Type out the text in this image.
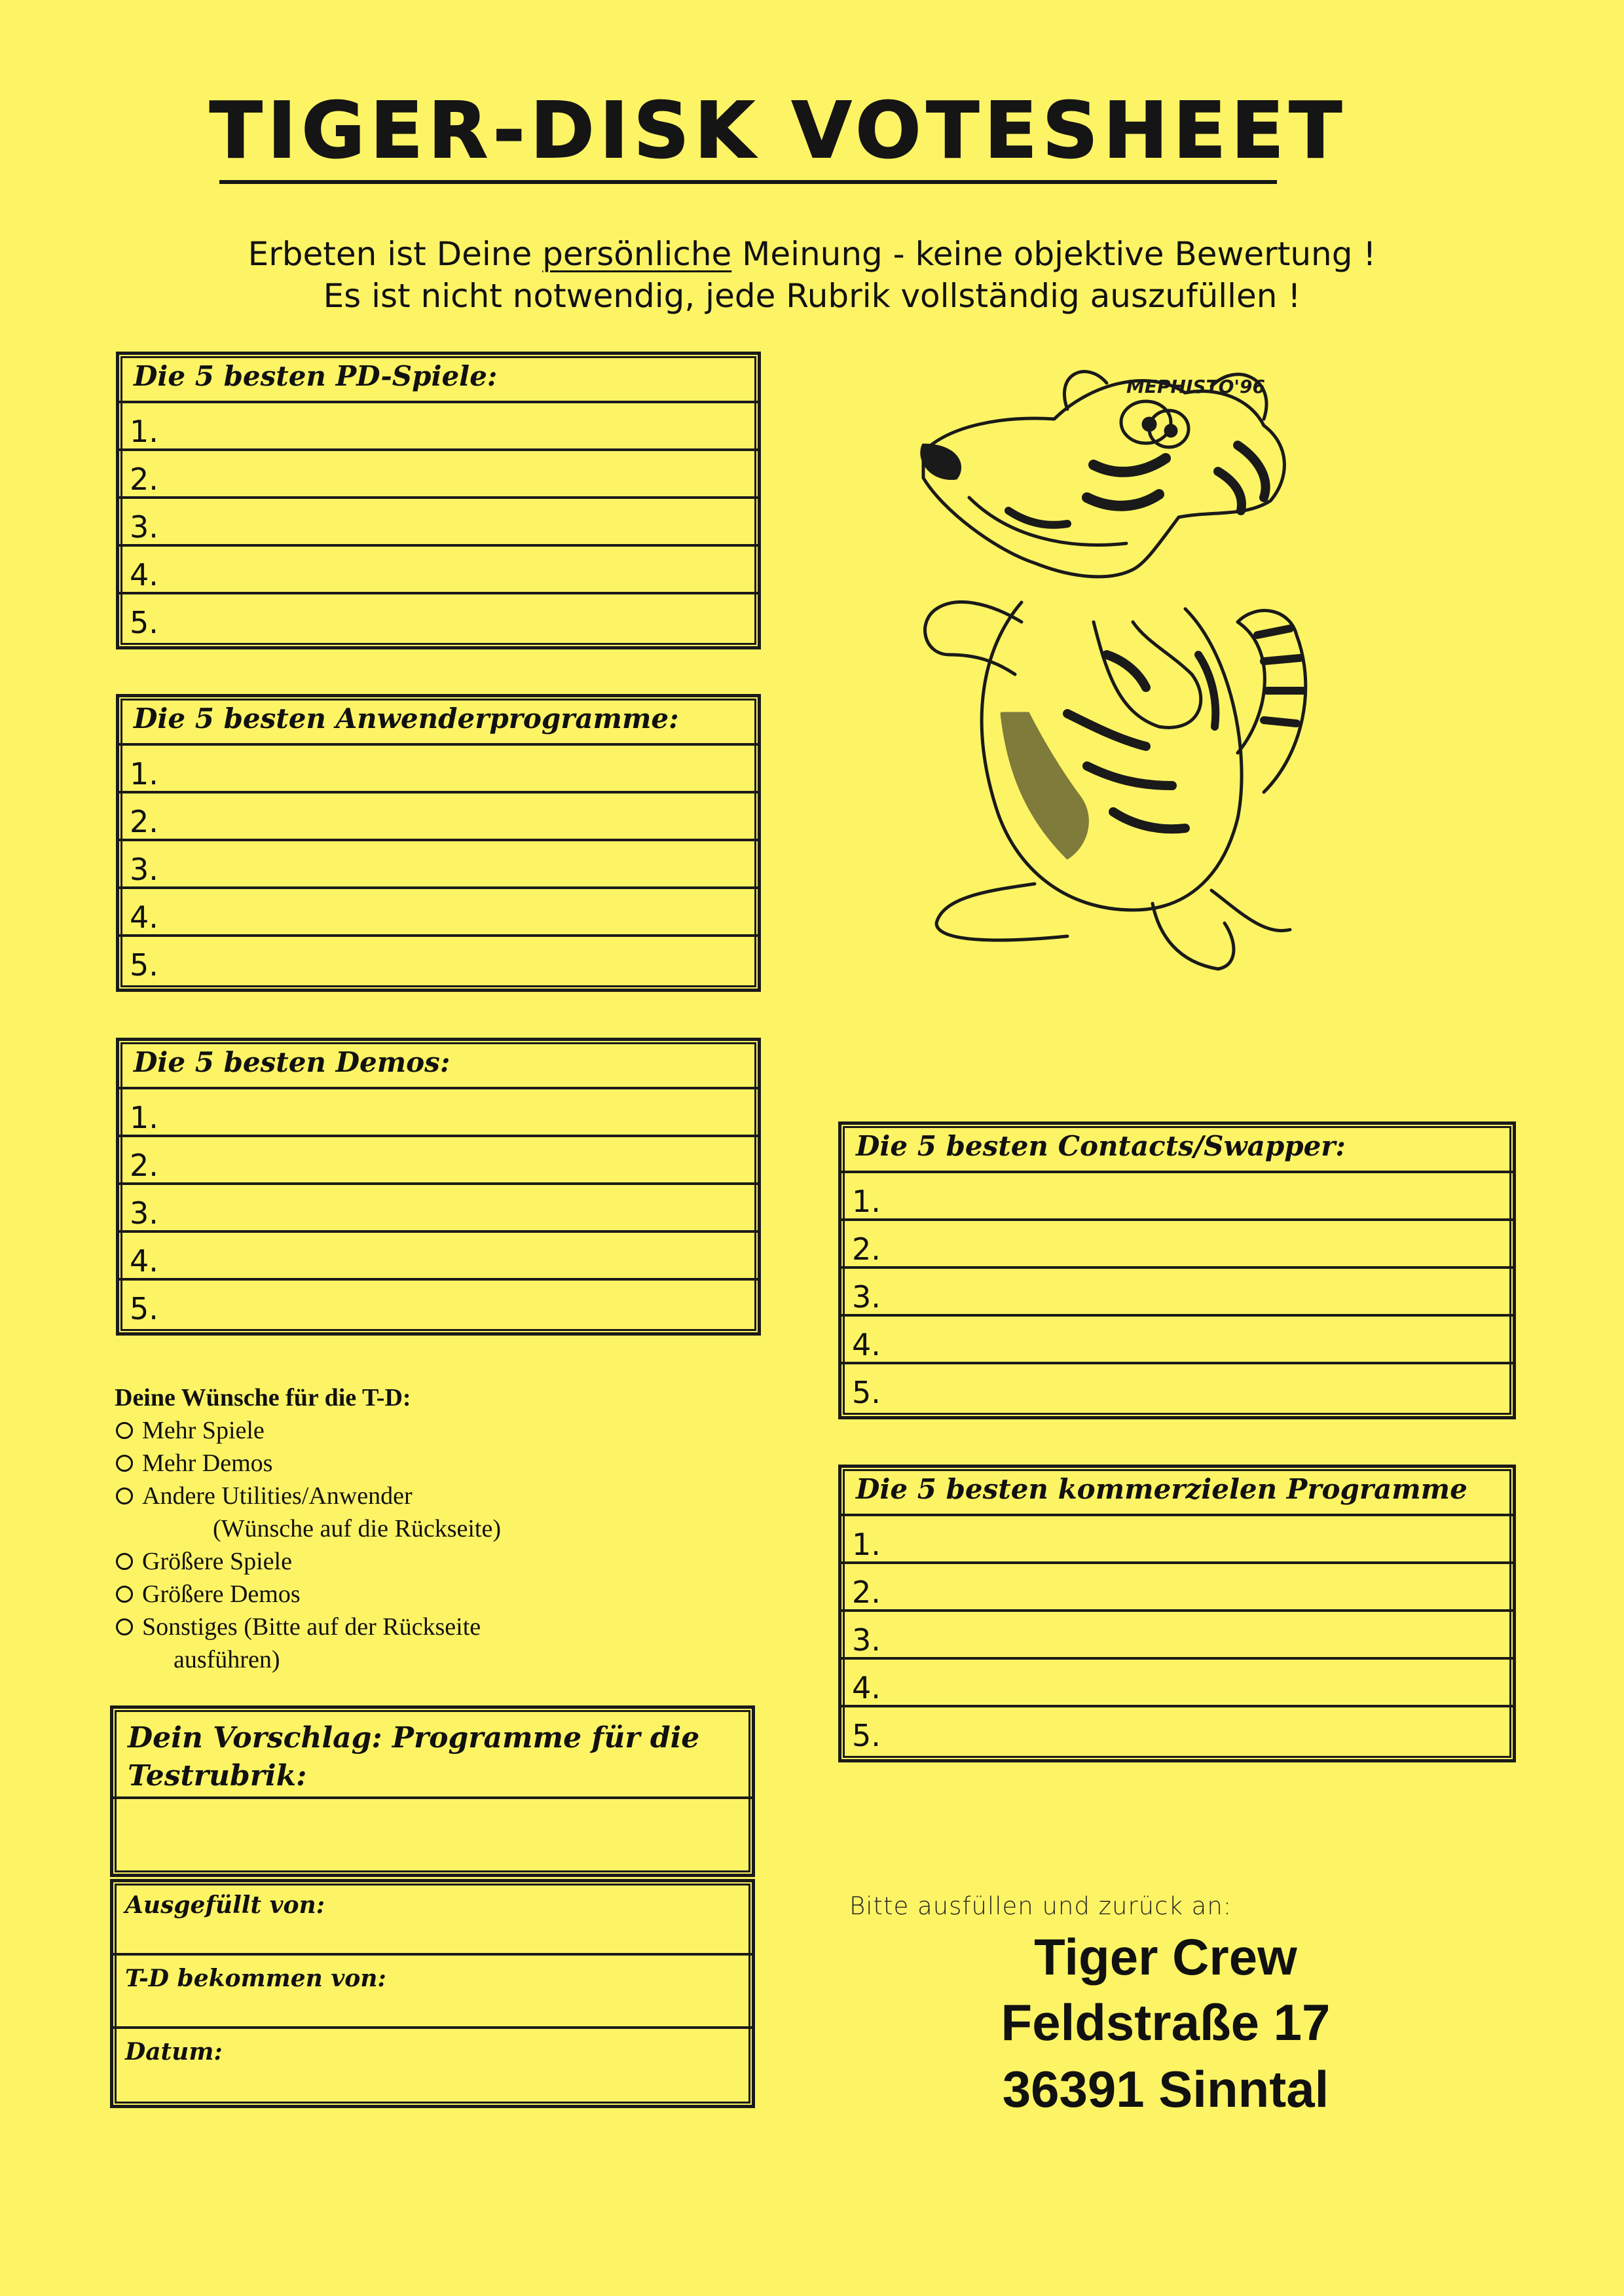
TIGER-DISK VOTESHEET
Erbeten ist Deine persönliche Meinung - keine objektive Bewertung !
Es ist nicht notwendig, jede Rubrik vollständig auszufüllen !
Die 5 besten PD-Spiele:
1.
2.
3.
4.
5.
Die 5 besten Anwenderprogramme:
1.
2.
3.
4.
5.
Die 5 besten Demos:
1.
2.
3.
4.
5.
Die 5 besten Contacts/Swapper:
1.
2.
3.
4.
5.
Die 5 besten kommerzielen Programme
1.
2.
3.
4.
5.
MEPHISTO'96
Deine Wünsche für die T-D:
Mehr Spiele
Mehr Demos
Andere Utilities/Anwender
(Wünsche auf die Rückseite)
Größere Spiele
Größere Demos
Sonstiges (Bitte auf der Rückseite
ausführen)
Dein Vorschlag: Programme für die
Testrubrik:
Ausgefüllt von:
T-D bekommen von:
Datum:
Bitte ausfüllen und zurück an:
Tiger Crew
Feldstraße 17
36391 Sinntal
